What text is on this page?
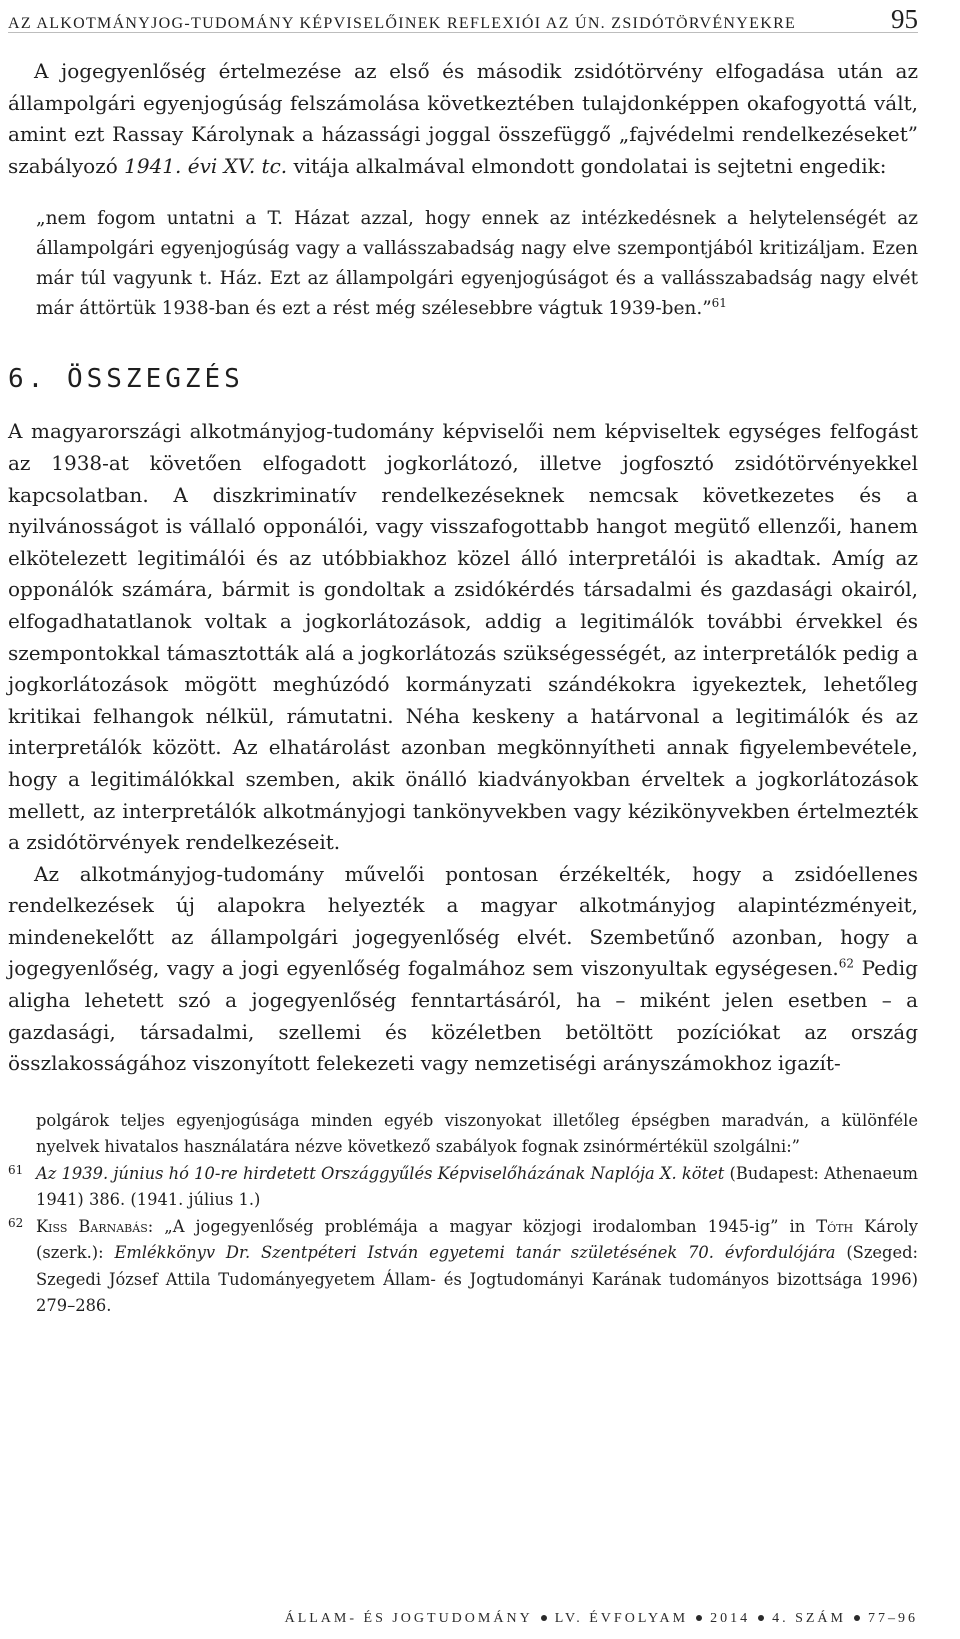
AZ ALKOTMÁNYJOG-TUDOMÁNY KÉPVISELŐINEK REFLEXIÓI AZ ÚN. ZSIDÓTÖRVÉNYEKRE	95

A jogegyenlőség értelmezése az első és második zsidótörvény elfogadása után az állampolgári egyenjogúság felszámolása következtében tulajdonképpen okafogyottá vált, amint ezt Rassay Károlynak a házassági joggal összefüggő „fajvédelmi rendelkezéseket” szabályozó 1941. évi XV. tc. vitája alkalmával elmondott gondolatai is sejtetni engedik:

„nem fogom untatni a T. Házat azzal, hogy ennek az intézkedésnek a helytelenségét az állampolgári egyenjogúság vagy a vallásszabadság nagy elve szempontjából kritizáljam. Ezen már túl vagyunk t. Ház. Ezt az állampolgári egyenjogúságot és a vallásszabadság nagy elvét már áttörtük 1938-ban és ezt a rést még szélesebbre vágtuk 1939-ben.”$^{61}$

6. ÖSSZEGZÉS

A magyarországi alkotmányjog-tudomány képviselői nem képviseltek egységes felfogást az 1938-at követően elfogadott jogkorlátozó, illetve jogfosztó zsidótörvényekkel kapcsolatban. A diszkriminatív rendelkezéseknek nemcsak következetes és a nyilvánosságot is vállaló opponálói, vagy visszafogottabb hangot megütő ellenzői, hanem elkötelezett legitimálói és az utóbbiakhoz közel álló interpretálói is akadtak. Amíg az opponálók számára, bármit is gondoltak a zsidókérdés társadalmi és gazdasági okairól, elfogadhatatlanok voltak a jogkorlátozások, addig a legitimálók további érvekkel és szempontokkal támasztották alá a jogkorlátozás szükségességét, az interpretálók pedig a jogkorlátozások mögött meghúzódó kormányzati szándékokra igyekeztek, lehetőleg kritikai felhangok nélkül, rámutatni. Néha keskeny a határvonal a legitimálók és az interpretálók között. Az elhatárolást azonban megkönnyítheti annak figyelembevétele, hogy a legitimálókkal szemben, akik önálló kiadványokban érveltek a jogkorlátozások mellett, az interpretálók alkotmányjogi tankönyvekben vagy kézikönyvekben értelmezték a zsidótörvények rendelkezéseit.

Az alkotmányjog-tudomány művelői pontosan érzékelték, hogy a zsidóellenes rendelkezések új alapokra helyezték a magyar alkotmányjog alapintézményeit, mindenekelőtt az állampolgári jogegyenlőség elvét. Szembetűnő azonban, hogy a jogegyenlőség, vagy a jogi egyenlőség fogalmához sem viszonyultak egységesen.$^{62}$ Pedig aligha lehetett szó a jogegyenlőség fenntartásáról, ha – miként jelen esetben – a gazdasági, társadalmi, szellemi és közéletben betöltött pozíciókat az ország összlakosságához viszonyított felekezeti vagy nemzetiségi arányszámokhoz igazít-

polgárok teljes egyenjogúsága minden egyéb viszonyokat illetőleg épségben maradván, a különféle nyelvek hivatalos használatára nézve következő szabályok fognak zsinórmértékül szolgálni:”

61 Az 1939. június hó 10-re hirdetett Országgyűlés Képviselőházának Naplója X. kötet (Budapest: Athenaeum 1941) 386. (1941. július 1.)
62 Kiss Barnabás: „A jogegyenlőség problémája a magyar közjogi irodalomban 1945-ig” in Tóth Károly (szerk.): Emlékkönyv Dr. Szentpéteri István egyetemi tanár születésének 70. évfordulójára (Szeged: Szegedi József Attila Tudományegyetem Állam- és Jogtudományi Karának tudományos bizottsága 1996) 279–286.
ÁLLAM- ÉS JOGTUDOMÁNY LV. ÉVFOLYAM 2014 4. SZÁM 77–96
